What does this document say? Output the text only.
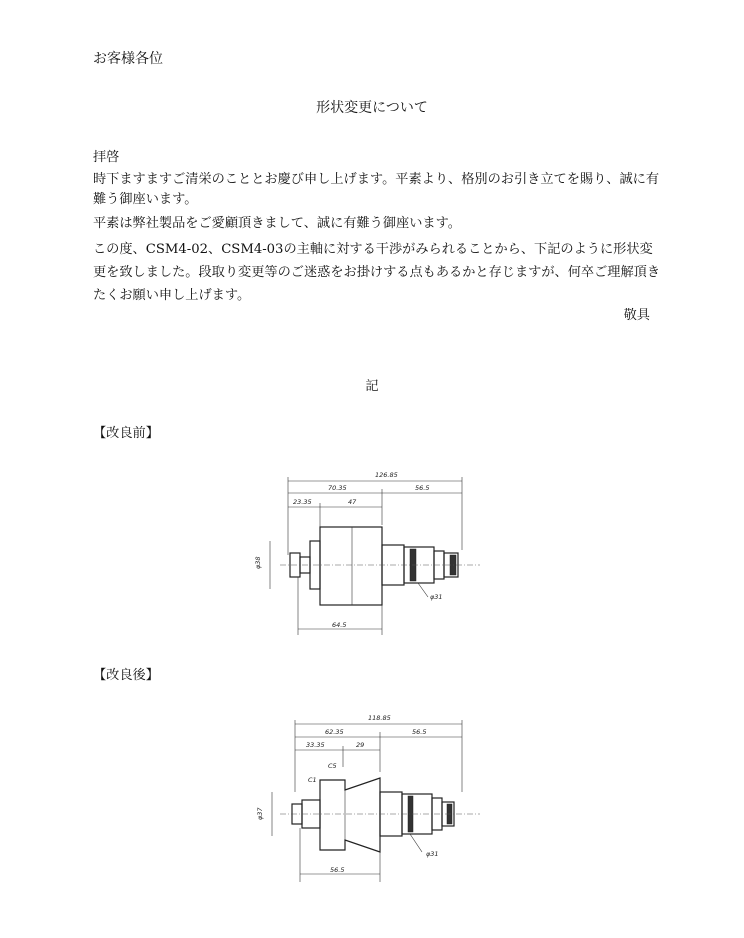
お客様各位
形状変更について
拝啓
時下ますますご清栄のこととお慶び申し上げます。平素より、格別のお引き立てを賜り、誠に有難う御座います。
平素は弊社製品をご愛顧頂きまして、誠に有難う御座います。
この度、CSM4-02、CSM4-03の主軸に対する干渉がみられることから、下記のように形状変更を致しました。段取り変更等のご迷惑をお掛けする点もあるかと存じますが、何卒ご理解頂きたくお願い申し上げます。
敬具
記
【改良前】
126.85
70.35	56.5
23.35	47
φ38
φ31
64.5
【改良後】
118.85
62.35	56.5
33.35	29
C1
C5
φ37
φ31
56.5
